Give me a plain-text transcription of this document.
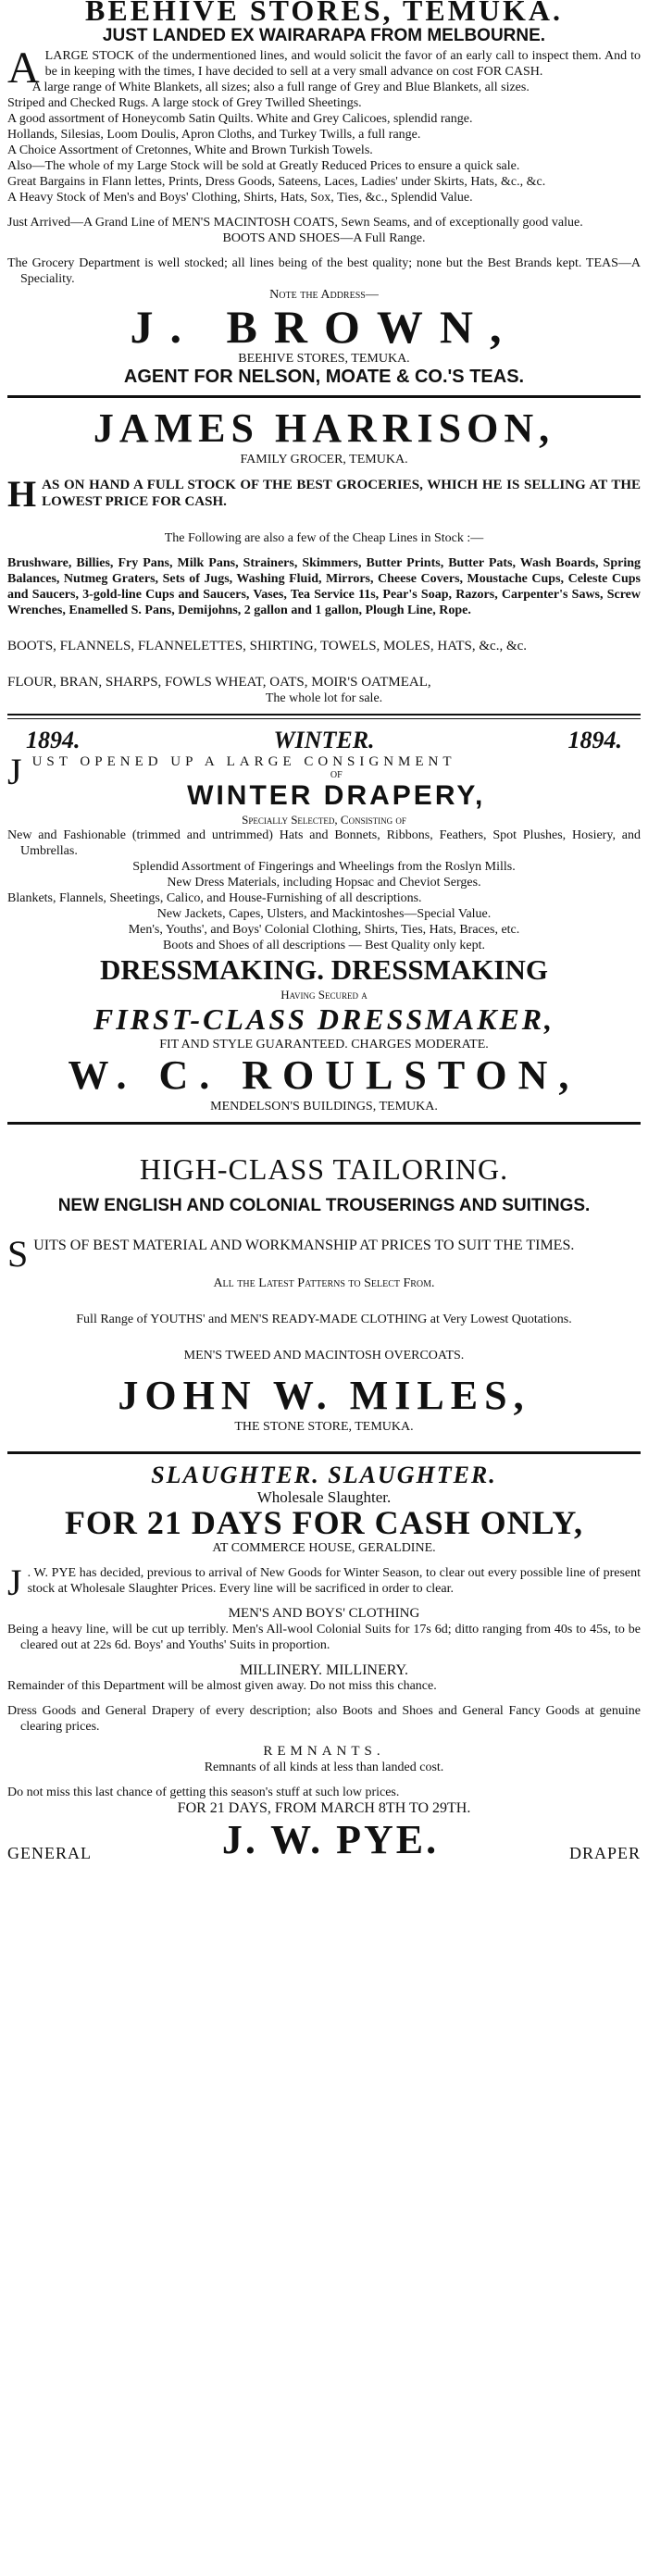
BEEHIVE STORES, TEMUKA.
JUST LANDED EX WAIRARAPA FROM MELBOURNE.

ALARGE STOCK of the undermentioned lines, and would solicit the favor of an early call to inspect them. And to be in keeping with the times, I have decided to sell at a very small advance on cost FOR CASH.

A large range of White Blankets, all sizes; also a full range of Grey and Blue Blankets, all sizes.

Striped and Checked Rugs. A large stock of Grey Twilled Sheetings.

A good assortment of Honeycomb Satin Quilts. White and Grey Calicoes, splendid range.

Hollands, Silesias, Loom Doulis, Apron Cloths, and Turkey Twills, a full range.

A Choice Assortment of Cretonnes, White and Brown Turkish Towels.

Also—The whole of my Large Stock will be sold at Greatly Reduced Prices to ensure a quick sale.

Great Bargains in Flann lettes, Prints, Dress Goods, Sateens, Laces, Ladies' under Skirts, Hats, &c., &c.

A Heavy Stock of Men's and Boys' Clothing, Shirts, Hats, Sox, Ties, &c., Splendid Value.

Just Arrived—A Grand Line of MEN'S MACINTOSH COATS, Sewn Seams, and of exceptionally good value.

BOOTS AND SHOES—A Full Range.

The Grocery Department is well stocked; all lines being of the best quality; none but the Best Brands kept. TEAS—A Speciality.

Note the Address—

J. BROWN,

BEEHIVE STORES, TEMUKA.

AGENT FOR NELSON, MOATE & CO.'S TEAS.
JAMES HARRISON,

FAMILY GROCER, TEMUKA.

HAS ON HAND A FULL STOCK OF THE BEST GROCERIES, WHICH HE IS SELLING AT THE LOWEST PRICE FOR CASH.

The Following are also a few of the Cheap Lines in Stock :—

Brushware, Billies, Fry Pans, Milk Pans, Strainers, Skimmers, Butter Prints, Butter Pats, Wash Boards, Spring Balances, Nutmeg Graters, Sets of Jugs, Washing Fluid, Mirrors, Cheese Covers, Moustache Cups, Celeste Cups and Saucers, 3-gold-line Cups and Saucers, Vases, Tea Service 11s, Pear's Soap, Razors, Carpenter's Saws, Screw Wrenches, Enamelled S. Pans, Demijohns, 2 gallon and 1 gallon, Plough Line, Rope.

BOOTS, FLANNELS, FLANNELETTES, SHIRTING, TOWELS, MOLES, HATS, &c., &c.

FLOUR, BRAN, SHARPS, FOWLS WHEAT, OATS, MOIR'S OATMEAL,

The whole lot for sale.

1894.	WINTER.	1894.

JUST OPENED UP A LARGE CONSIGNMENT

OF

WINTER DRAPERY,

Specially Selected, Consisting of

New and Fashionable (trimmed and untrimmed) Hats and Bonnets, Ribbons, Feathers, Spot Plushes, Hosiery, and Umbrellas.

Splendid Assortment of Fingerings and Wheelings from the Roslyn Mills.

New Dress Materials, including Hopsac and Cheviot Serges.

Blankets, Flannels, Sheetings, Calico, and House-Furnishing of all descriptions.

New Jackets, Capes, Ulsters, and Mackintoshes—Special Value.

Men's, Youths', and Boys' Colonial Clothing, Shirts, Ties, Hats, Braces, etc.

Boots and Shoes of all descriptions — Best Quality only kept.

DRESSMAKING. DRESSMAKING

Having Secured a

FIRST-CLASS DRESSMAKER,

FIT AND STYLE GUARANTEED. CHARGES MODERATE.

W. C. ROULSTON,

MENDELSON'S BUILDINGS, TEMUKA.

HIGH-CLASS TAILORING.
NEW ENGLISH AND COLONIAL TROUSERINGS AND SUITINGS.

SUITS OF BEST MATERIAL AND WORKMANSHIP AT PRICES TO SUIT THE TIMES.

All the Latest Patterns to Select From.

Full Range of YOUTHS' and MEN'S READY-MADE CLOTHING at Very Lowest Quotations.

MEN'S TWEED AND MACINTOSH OVERCOATS.

JOHN W. MILES,

THE STONE STORE, TEMUKA.

SLAUGHTER. SLAUGHTER.

Wholesale Slaughter.

FOR 21 DAYS FOR CASH ONLY,

AT COMMERCE HOUSE, GERALDINE.

J . W. PYE has decided, previous to arrival of New Goods for Winter Season, to clear out every possible line of present stock at Wholesale Slaughter Prices. Every line will be sacrificed in order to clear.

MEN'S AND BOYS' CLOTHING

Being a heavy line, will be cut up terribly. Men's All-wool Colonial Suits for 17s 6d; ditto ranging from 40s to 45s, to be cleared out at 22s 6d. Boys' and Youths' Suits in proportion.

MILLINERY. MILLINERY.

Remainder of this Department will be almost given away. Do not miss this chance.

Dress Goods and General Drapery of every description; also Boots and Shoes and General Fancy Goods at genuine clearing prices.

REMNANTS.

Remnants of all kinds at less than landed cost.

Do not miss this last chance of getting this season's stuff at such low prices.

FOR 21 DAYS, FROM MARCH 8TH TO 29TH.

GENERAL	J. W. PYE.	DRAPER
